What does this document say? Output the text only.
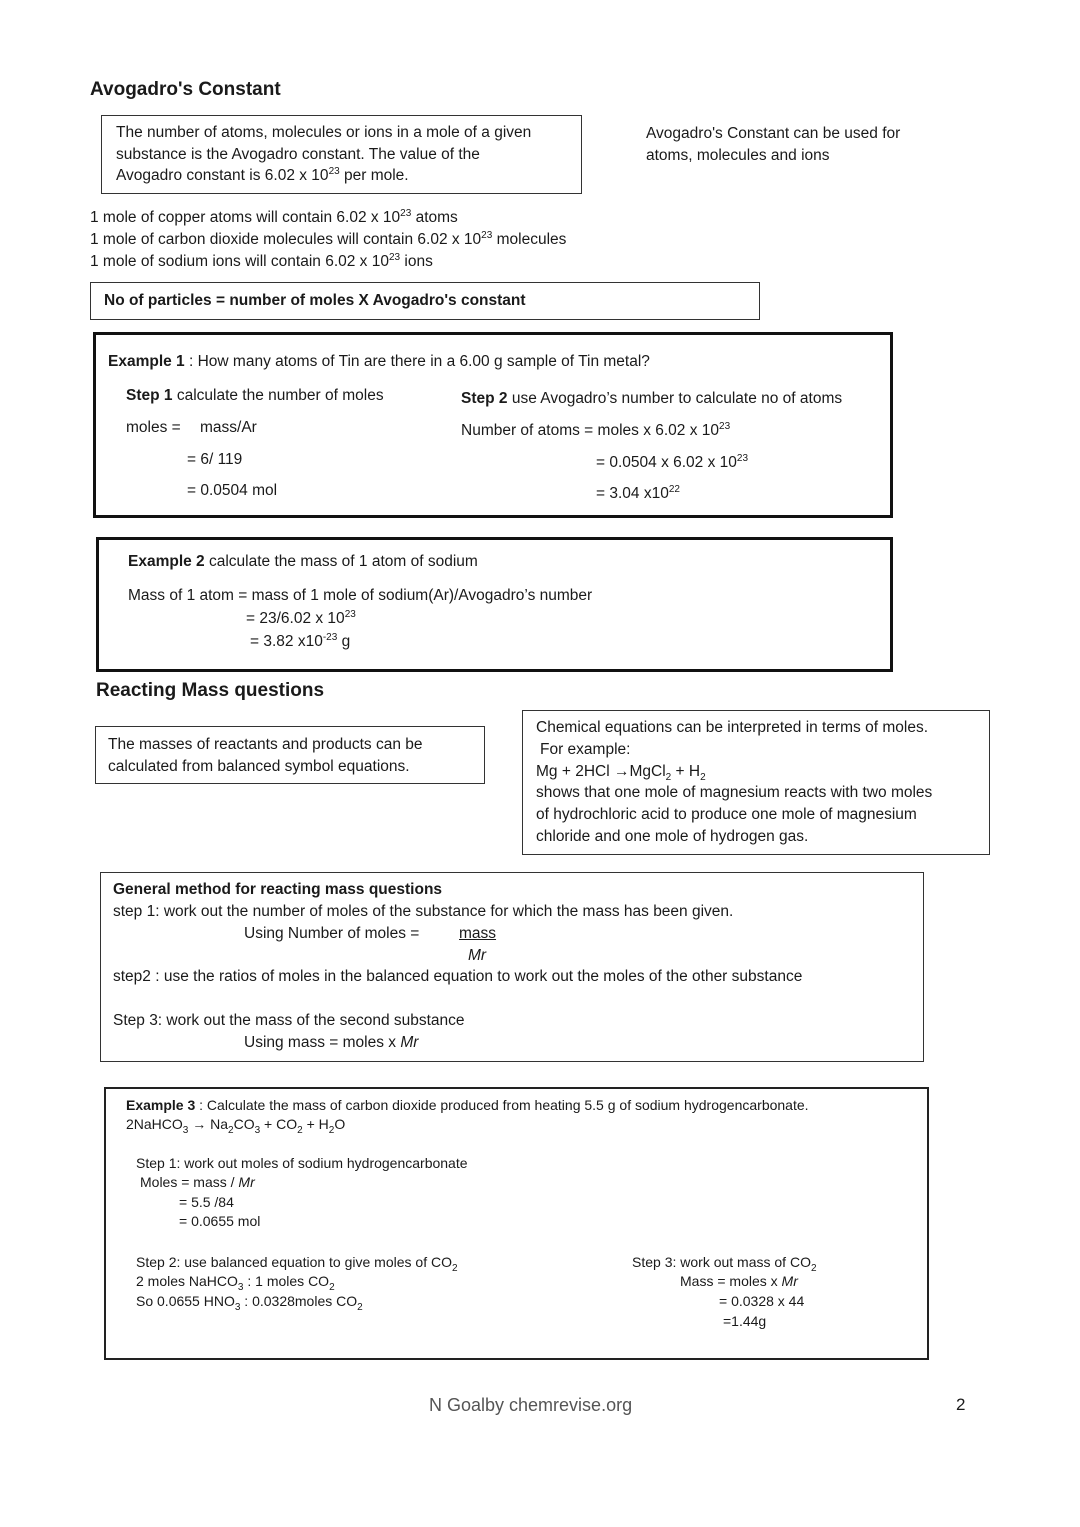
Avogadro's Constant
The number of atoms, molecules or ions in a mole of a given
substance is the Avogadro constant. The value of the
Avogadro constant is 6.02 x $10^{23}$ per mole.
Avogadro's Constant can be used for
atoms, molecules and ions
1 mole of copper atoms will contain 6.02 x $10^{23}$ atoms
1 mole of carbon dioxide molecules will contain 6.02 x $10^{23}$ molecules
1 mole of sodium ions will contain 6.02 x $10^{23}$ ions
No of particles = number of moles X Avogadro's constant
Example 1 : How many atoms of Tin are there in a 6.00 g sample of Tin metal?
Step 1 calculate the number of moles
moles = mass/Ar
= 6/ 119
= 0.0504 mol
Step 2 use Avogadro’s number to calculate no of atoms
Number of atoms = moles x 6.02 x $10^{23}$
= 0.0504 x 6.02 x $10^{23}$
= 3.04 $x10^{22}$
Example 2 calculate the mass of 1 atom of sodium
Mass of 1 atom = mass of 1 mole of sodium(Ar)/Avogadro’s number
= 23/6.02 x $10^{23}$
= 3.82 $x10^{-23}$ g
Reacting Mass questions
The masses of reactants and products can be
calculated from balanced symbol equations.
Chemical equations can be interpreted in terms of moles.
For example:
Mg + 2HCl →MgCl$_2$ + $H_2$
shows that one mole of magnesium reacts with two moles
of hydrochloric acid to produce one mole of magnesium
chloride and one mole of hydrogen gas.
General method for reacting mass questions
step 1: work out the number of moles of the substance for which the mass has been given.
Using Number of moles =	mass
Mr
step2 : use the ratios of moles in the balanced equation to work out the moles of the other substance
Step 3: work out the mass of the second substance
Using mass = moles x Mr
Example 3 : Calculate the mass of carbon dioxide produced from heating 5.5 g of sodium hydrogencarbonate.
2NaHCO$_3$ → $Na_2CO_3 + CO_2 + H_2O$
Step 1: work out moles of sodium hydrogencarbonate
Moles = mass / Mr
= 5.5 /84
= 0.0655 mol
Step 2: use balanced equation to give moles of $CO_2$
2 moles NaHCO$_3$ : 1 moles $CO_2$
So 0.0655 $HNO_3$ : 0.0328moles $CO_2$
Step 3: work out mass of $CO_2$
Mass = moles x Mr
= 0.0328 x 44
=1.44g
N Goalby chemrevise.org	2
